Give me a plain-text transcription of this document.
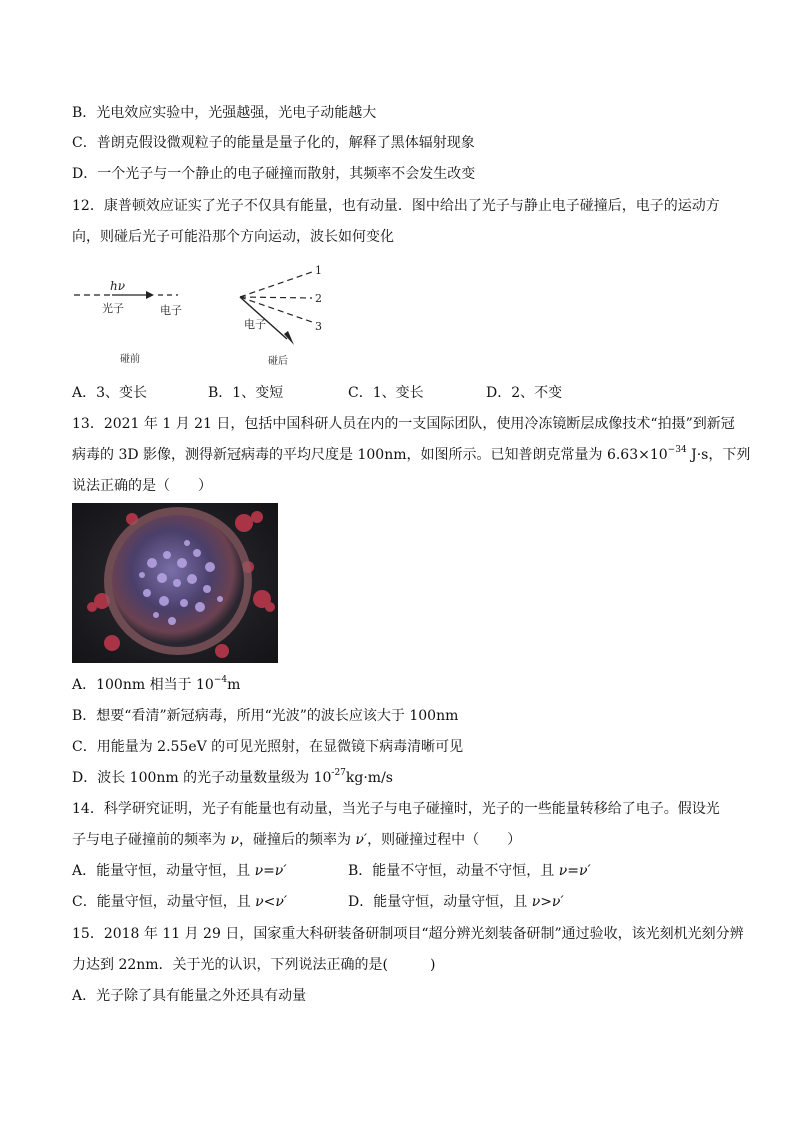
B．光电效应实验中，光强越强，光电子动能越大
C．普朗克假设微观粒子的能量是量子化的，解释了黑体辐射现象
D．一个光子与一个静止的电子碰撞而散射，其频率不会发生改变
12．康普顿效应证实了光子不仅具有能量，也有动量．图中给出了光子与静止电子碰撞后，电子的运动方
向，则碰后光子可能沿那个方向运动，波长如何变化
hν
光子	电子
碰前
1
2
3
电子
碰后
A．3、变长	B．1、变短	C．1、变长	D．2、不变
13．2021 年 1 月 21 日，包括中国科研人员在内的一支国际团队，使用冷冻镜断层成像技术“拍摄”到新冠
病毒的 3D 影像，测得新冠病毒的平均尺度是 100nm，如图所示。已知普朗克常量为 $6.63\times 10^{-34}$ J·s，下列
说法正确的是（　　）
A．100nm 相当于 $10^{-4}m$
B．想要“看清”新冠病毒，所用“光波”的波长应该大于 100nm
C．用能量为 2.55eV 的可见光照射，在显微镜下病毒清晰可见
D．波长 100nm 的光子动量数量级为 $10^{-27}kg\cdot m/s$
14．科学研究证明，光子有能量也有动量，当光子与电子碰撞时，光子的一些能量转移给了电子。假设光
子与电子碰撞前的频率为 ν，碰撞后的频率为 ν′，则碰撞过程中（　　）
A．能量守恒，动量守恒，且 ν=ν′	B．能量不守恒，动量不守恒，且 ν=ν′
C．能量守恒，动量守恒，且 ν<ν′	D．能量守恒，动量守恒，且 ν>ν′
15．2018 年 11 月 29 日，国家重大科研装备研制项目“超分辨光刻装备研制”通过验收，该光刻机光刻分辨
力达到 22nm．关于光的认识，下列说法正确的是(　　　)
A．光子除了具有能量之外还具有动量
